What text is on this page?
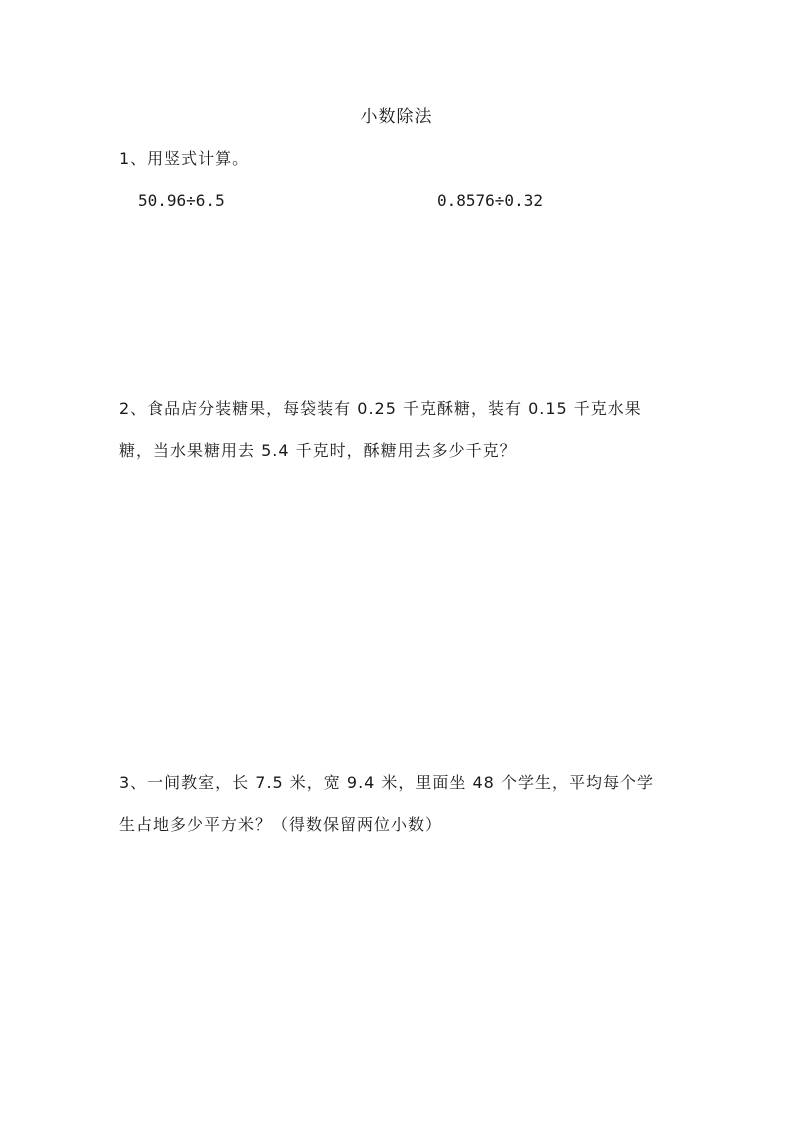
小数除法
1、用竖式计算。
50.96÷6.5	0.8576÷0.32
2、食品店分装糖果，每袋装有 0.25 千克酥糖，装有 0.15 千克水果
糖，当水果糖用去 5.4 千克时，酥糖用去多少千克？
3、一间教室，长 7.5 米，宽 9.4 米，里面坐 48 个学生，平均每个学
生占地多少平方米？（得数保留两位小数）
